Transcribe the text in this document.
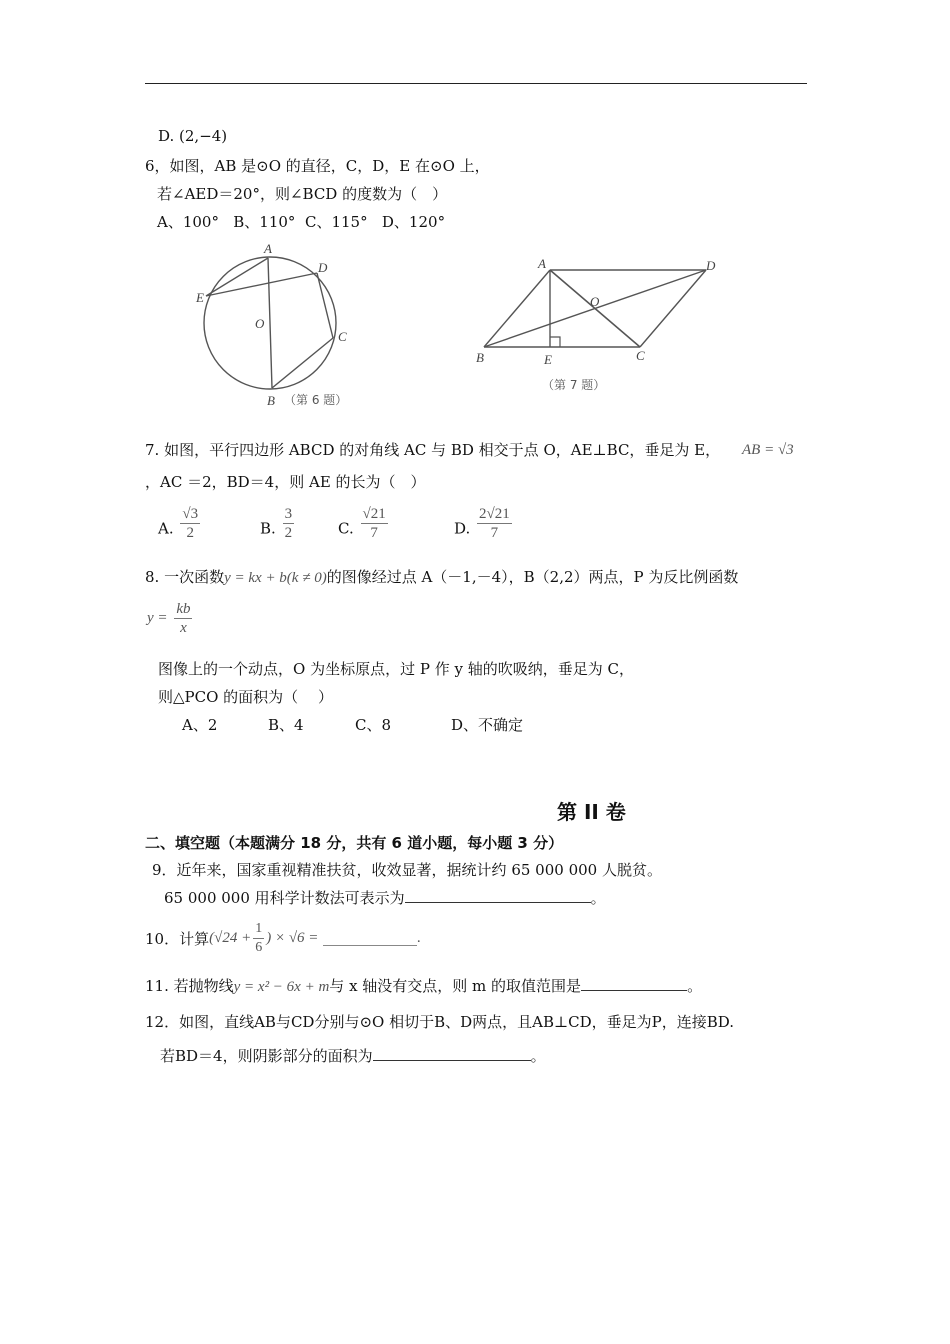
D. (2,−4)
6，如图，AB 是⊙O 的直径，C，D，E 在⊙O 上，
若∠AED＝20°，则∠BCD 的度数为（　）
A、100° B、110° C、115° D、120°
A
D
E
O
C
B （第 6 题）
A	D
O
B	E	C
（第 7 题）
7. 如图，平行四边形 ABCD 的对角线 AC 与 BD 相交于点 O，AE⊥BC，垂足为 E， AB = √3
，AC ＝2，BD＝4，则 AE 的长为（　）
A. $\frac{√3}{2}$	B. $\frac{3}{2}$	C. $\frac{√21}{7}$	D. $\frac{2√21}{7}$
8. 一次函数y = kx + b(k ≠ 0)的图像经过点 A（－1,－4），B（2,2）两点，P 为反比例函数
$y = \frac{kb}{x}$
图像上的一个动点，O 为坐标原点，过 P 作 y 轴的吹吸纳，垂足为 C，
则△PCO 的面积为（　 ）
A、2	B、4	C、8	D、不确定
第 II 卷
二、填空题（本题满分 18 分，共有 6 道小题，每小题 3 分）
9．近年来，国家重视精准扶贫，收效显著，据统计约 65 000 000 人脱贫。
65 000 000 用科学计数法可表示为	。
10．计算($√24 + \frac{1}{6}$ ) × √6 =	.
11. 若抛物线y = x² − 6x + m与 x 轴没有交点，则 m 的取值范围是	。
12．如图，直线AB与CD分别与⊙O 相切于B、D两点，且AB⊥CD，垂足为P，连接BD.
若BD＝4，则阴影部分的面积为	。
